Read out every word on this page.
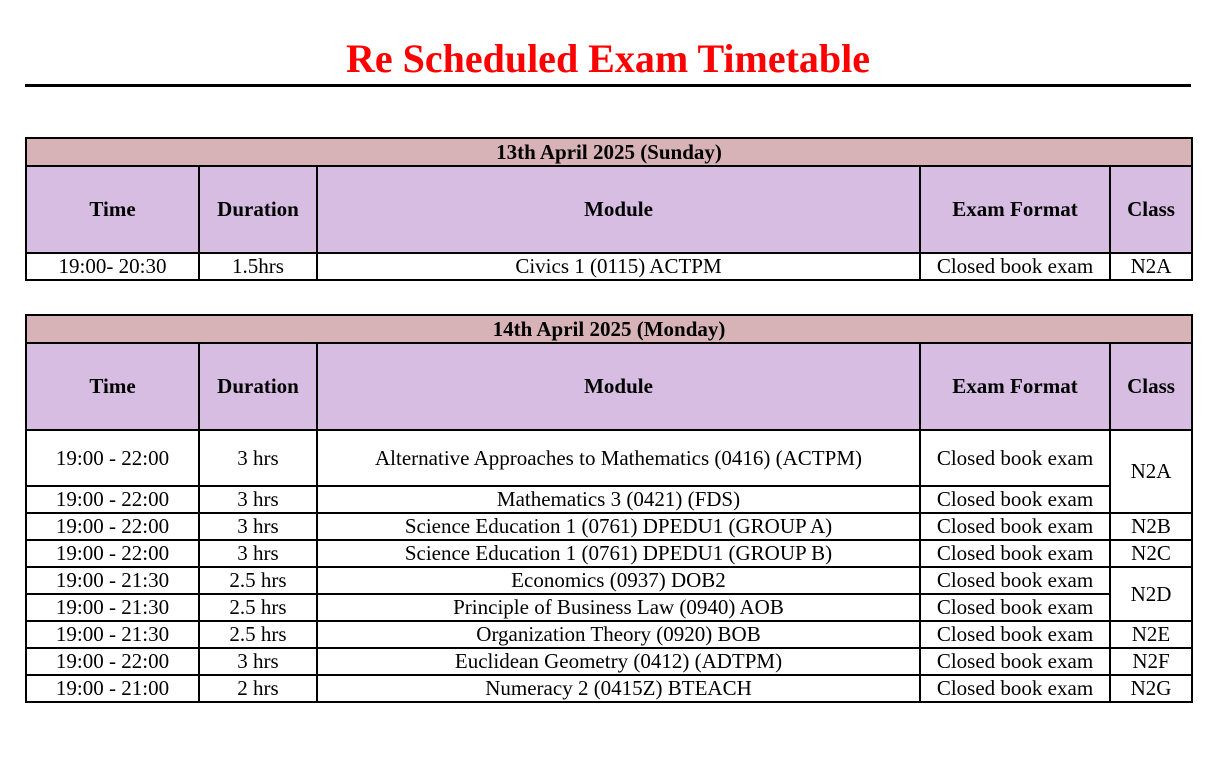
Re Scheduled Exam Timetable
13th April 2025 (Sunday)				
Time	Duration	Module	Exam Format	Class
19:00- 20:30	1.5hrs	Civics 1 (0115) ACTPM	Closed book exam	N2A
14th April 2025 (Monday)				
Time	Duration	Module	Exam Format	Class
19:00 - 22:00	3 hrs	Alternative Approaches to Mathematics (0416) (ACTPM)	Closed book exam	N2A
19:00 - 22:00	3 hrs	Mathematics 3 (0421) (FDS)	Closed book exam	
19:00 - 22:00	3 hrs	Science Education 1 (0761) DPEDU1 (GROUP A)	Closed book exam	N2B
19:00 - 22:00	3 hrs	Science Education 1 (0761) DPEDU1 (GROUP B)	Closed book exam	N2C
19:00 - 21:30	2.5 hrs	Economics (0937) DOB2	Closed book exam	N2D
19:00 - 21:30	2.5 hrs	Principle of Business Law (0940) AOB	Closed book exam	
19:00 - 21:30	2.5 hrs	Organization Theory (0920) BOB	Closed book exam	N2E
19:00 - 22:00	3 hrs	Euclidean Geometry (0412) (ADTPM)	Closed book exam	N2F
19:00 - 21:00	2 hrs	Numeracy 2 (0415Z) BTEACH	Closed book exam	N2G
